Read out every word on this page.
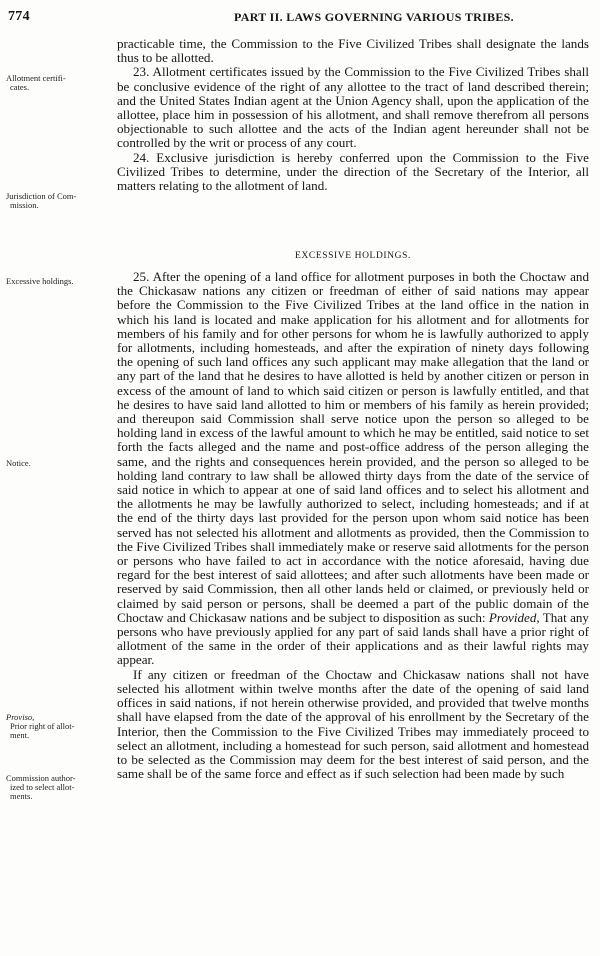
774	PART II. LAWS GOVERNING VARIOUS TRIBES.
Allotment certifi-
cates.
Jurisdiction of Com-
mission.
Excessive holdings.
Notice.
Proviso,
Prior right of allot-
ment.
Commission author-
ized to select allot-
ments.

practicable time, the Commission to the Five Civilized Tribes shall designate the lands thus to be allotted.

23. Allotment certificates issued by the Commission to the Five Civilized Tribes shall be conclusive evidence of the right of any allottee to the tract of land described therein; and the United States Indian agent at the Union Agency shall, upon the application of the allottee, place him in possession of his allotment, and shall remove therefrom all persons objectionable to such allottee and the acts of the Indian agent hereunder shall not be controlled by the writ or process of any court.

24. Exclusive jurisdiction is hereby conferred upon the Commission to the Five Civilized Tribes to determine, under the direction of the Secretary of the Interior, all matters relating to the allotment of land.

EXCESSIVE HOLDINGS.

25. After the opening of a land office for allotment purposes in both the Choctaw and the Chickasaw nations any citizen or freedman of either of said nations may appear before the Commission to the Five Civilized Tribes at the land office in the nation in which his land is located and make application for his allotment and for allotments for members of his family and for other persons for whom he is lawfully authorized to apply for allotments, including homesteads, and after the expiration of ninety days following the opening of such land offices any such applicant may make allegation that the land or any part of the land that he desires to have allotted is held by another citizen or person in excess of the amount of land to which said citizen or person is lawfully entitled, and that he desires to have said land allotted to him or members of his family as herein provided; and thereupon said Commission shall serve notice upon the person so alleged to be holding land in excess of the lawful amount to which he may be entitled, said notice to set forth the facts alleged and the name and post-office address of the person alleging the same, and the rights and consequences herein provided, and the person so alleged to be holding land contrary to law shall be allowed thirty days from the date of the service of said notice in which to appear at one of said land offices and to select his allotment and the allotments he may be lawfully authorized to select, including homesteads; and if at the end of the thirty days last provided for the person upon whom said notice has been served has not selected his allotment and allotments as provided, then the Commission to the Five Civilized Tribes shall immediately make or reserve said allotments for the person or persons who have failed to act in accordance with the notice aforesaid, having due regard for the best interest of said allottees; and after such allotments have been made or reserved by said Commission, then all other lands held or claimed, or previously held or claimed by said person or persons, shall be deemed a part of the public domain of the Choctaw and Chickasaw nations and be subject to disposition as such: Provided, That any persons who have previously applied for any part of said lands shall have a prior right of allotment of the same in the order of their applications and as their lawful rights may appear.

If any citizen or freedman of the Choctaw and Chickasaw nations shall not have selected his allotment within twelve months after the date of the opening of said land offices in said nations, if not herein otherwise provided, and provided that twelve months shall have elapsed from the date of the approval of his enrollment by the Secretary of the Interior, then the Commission to the Five Civilized Tribes may immediately proceed to select an allotment, including a homestead for such person, said allotment and homestead to be selected as the Commission may deem for the best interest of said person, and the same shall be of the same force and effect as if such selection had been made by such
